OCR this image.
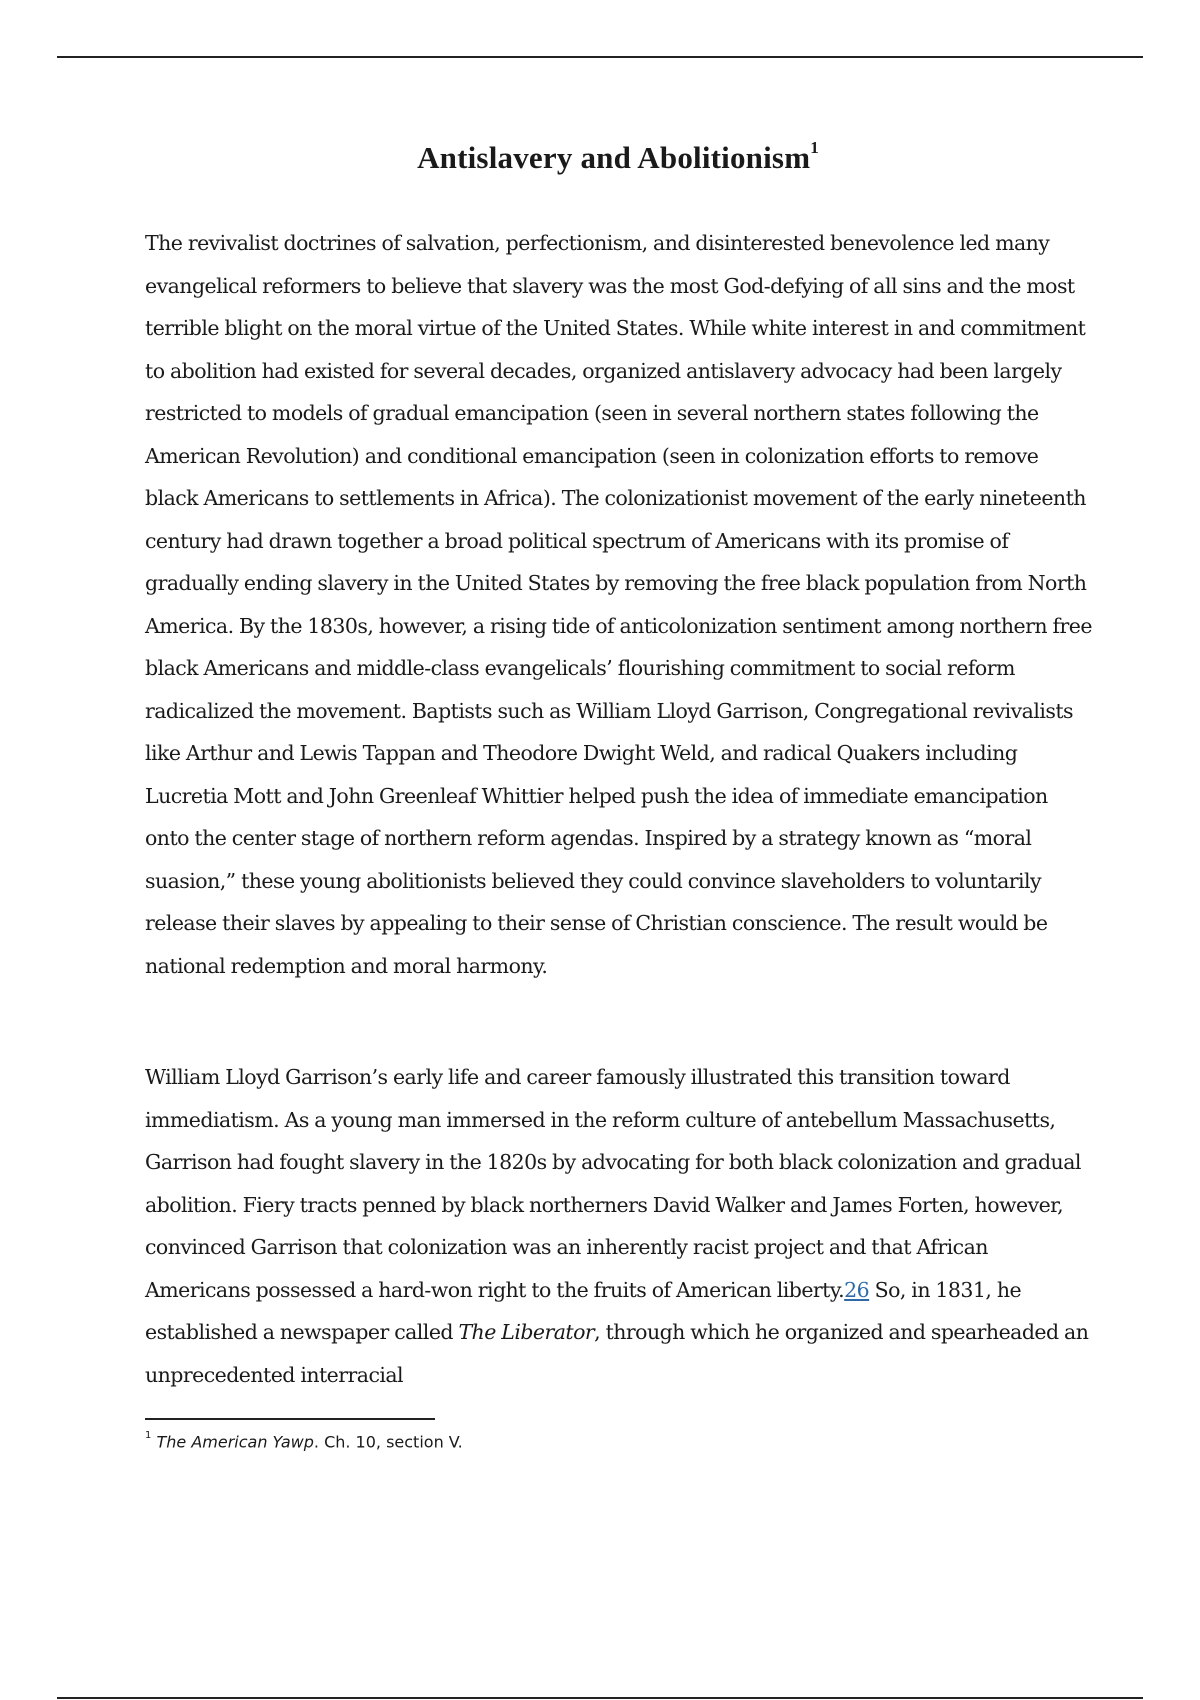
Antislavery and Abolitionism$^1$

The revivalist doctrines of salvation, perfectionism, and disinterested benevolence led many evangelical reformers to believe that slavery was the most God-defying of all sins and the most terrible blight on the moral virtue of the United States. While white interest in and commitment to abolition had existed for several decades, organized antislavery advocacy had been largely restricted to models of gradual emancipation (seen in several northern states following the American Revolution) and conditional emancipation (seen in colonization efforts to remove black Americans to settlements in Africa). The colonizationist movement of the early nineteenth century had drawn together a broad political spectrum of Americans with its promise of gradually ending slavery in the United States by removing the free black population from North America. By the 1830s, however, a rising tide of anticolonization sentiment among northern free black Americans and middle-class evangelicals’ flourishing commitment to social reform radicalized the movement. Baptists such as William Lloyd Garrison, Congregational revivalists like Arthur and Lewis Tappan and Theodore Dwight Weld, and radical Quakers including Lucretia Mott and John Greenleaf Whittier helped push the idea of immediate emancipation onto the center stage of northern reform agendas. Inspired by a strategy known as “moral suasion,” these young abolitionists believed they could convince slaveholders to voluntarily release their slaves by appealing to their sense of Christian conscience. The result would be national redemption and moral harmony.

William Lloyd Garrison’s early life and career famously illustrated this transition toward immediatism. As a young man immersed in the reform culture of antebellum Massachusetts, Garrison had fought slavery in the 1820s by advocating for both black colonization and gradual abolition. Fiery tracts penned by black northerners David Walker and James Forten, however, convinced Garrison that colonization was an inherently racist project and that African Americans possessed a hard-won right to the fruits of American liberty.26 So, in 1831, he established a newspaper called The Liberator, through which he organized and spearheaded an unprecedented interracial

$^1$ The American Yawp. Ch. 10, section V.
